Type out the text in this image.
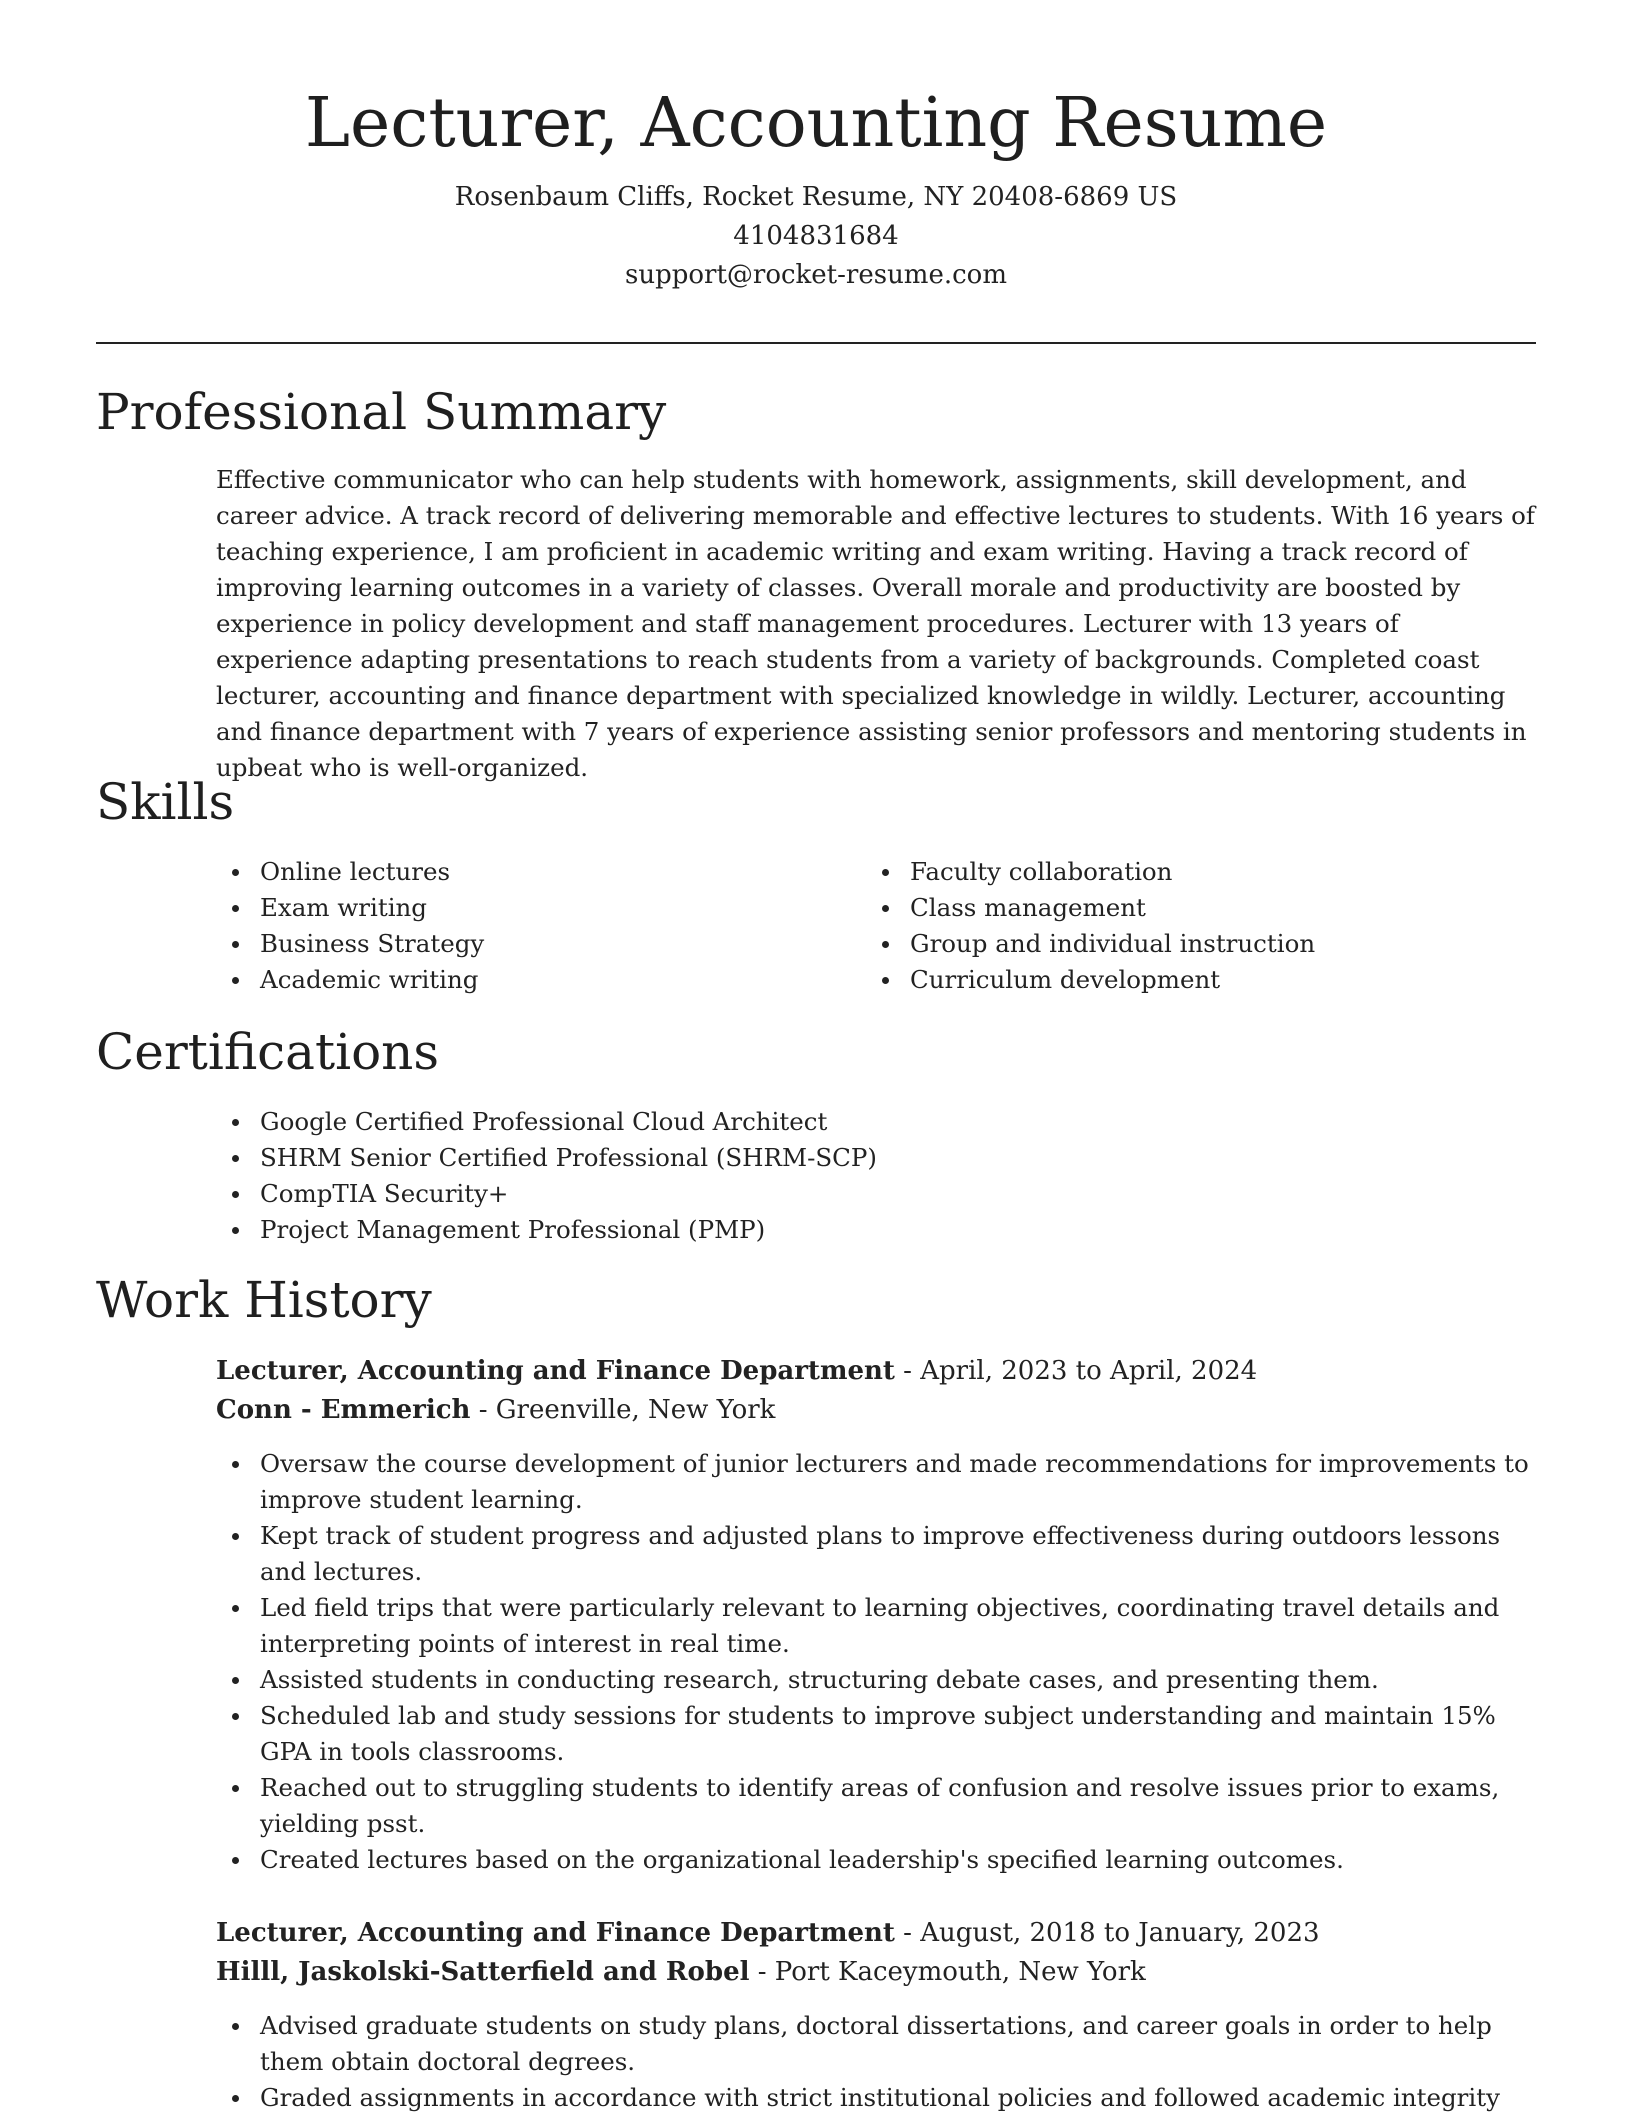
Lecturer, Accounting Resume
Rosenbaum Cliffs, Rocket Resume, NY 20408-6869 US
4104831684
support@rocket-resume.com
Professional Summary

Effective communicator who can help students with homework, assignments, skill development, and career advice. A track record of delivering memorable and effective lectures to students. With 16 years of teaching experience, I am proficient in academic writing and exam writing. Having a track record of improving learning outcomes in a variety of classes. Overall morale and productivity are boosted by experience in policy development and staff management procedures. Lecturer with 13 years of experience adapting presentations to reach students from a variety of backgrounds. Completed coast lecturer, accounting and finance department with specialized knowledge in wildly. Lecturer, accounting and finance department with 7 years of experience assisting senior professors and mentoring students in upbeat who is well-organized.

Skills
Online lectures
Exam writing
Business Strategy
Academic writing
Faculty collaboration
Class management
Group and individual instruction
Curriculum development
Certifications
Google Certified Professional Cloud Architect
SHRM Senior Certified Professional (SHRM-SCP)
CompTIA Security+
Project Management Professional (PMP)
Work History
Lecturer, Accounting and Finance Department - April, 2023 to April, 2024
Conn - Emmerich - Greenville, New York
Oversaw the course development of junior lecturers and made recommendations for improvements to improve student learning.
Kept track of student progress and adjusted plans to improve effectiveness during outdoors lessons and lectures.
Led field trips that were particularly relevant to learning objectives, coordinating travel details and interpreting points of interest in real time.
Assisted students in conducting research, structuring debate cases, and presenting them.
Scheduled lab and study sessions for students to improve subject understanding and maintain 15% GPA in tools classrooms.
Reached out to struggling students to identify areas of confusion and resolve issues prior to exams, yielding psst.
Created lectures based on the organizational leadership's specified learning outcomes.
Lecturer, Accounting and Finance Department - August, 2018 to January, 2023
Hilll, Jaskolski-Satterfield and Robel - Port Kaceymouth, New York
Advised graduate students on study plans, doctoral dissertations, and career goals in order to help them obtain doctoral degrees.
Graded assignments in accordance with strict institutional policies and followed academic integrity
